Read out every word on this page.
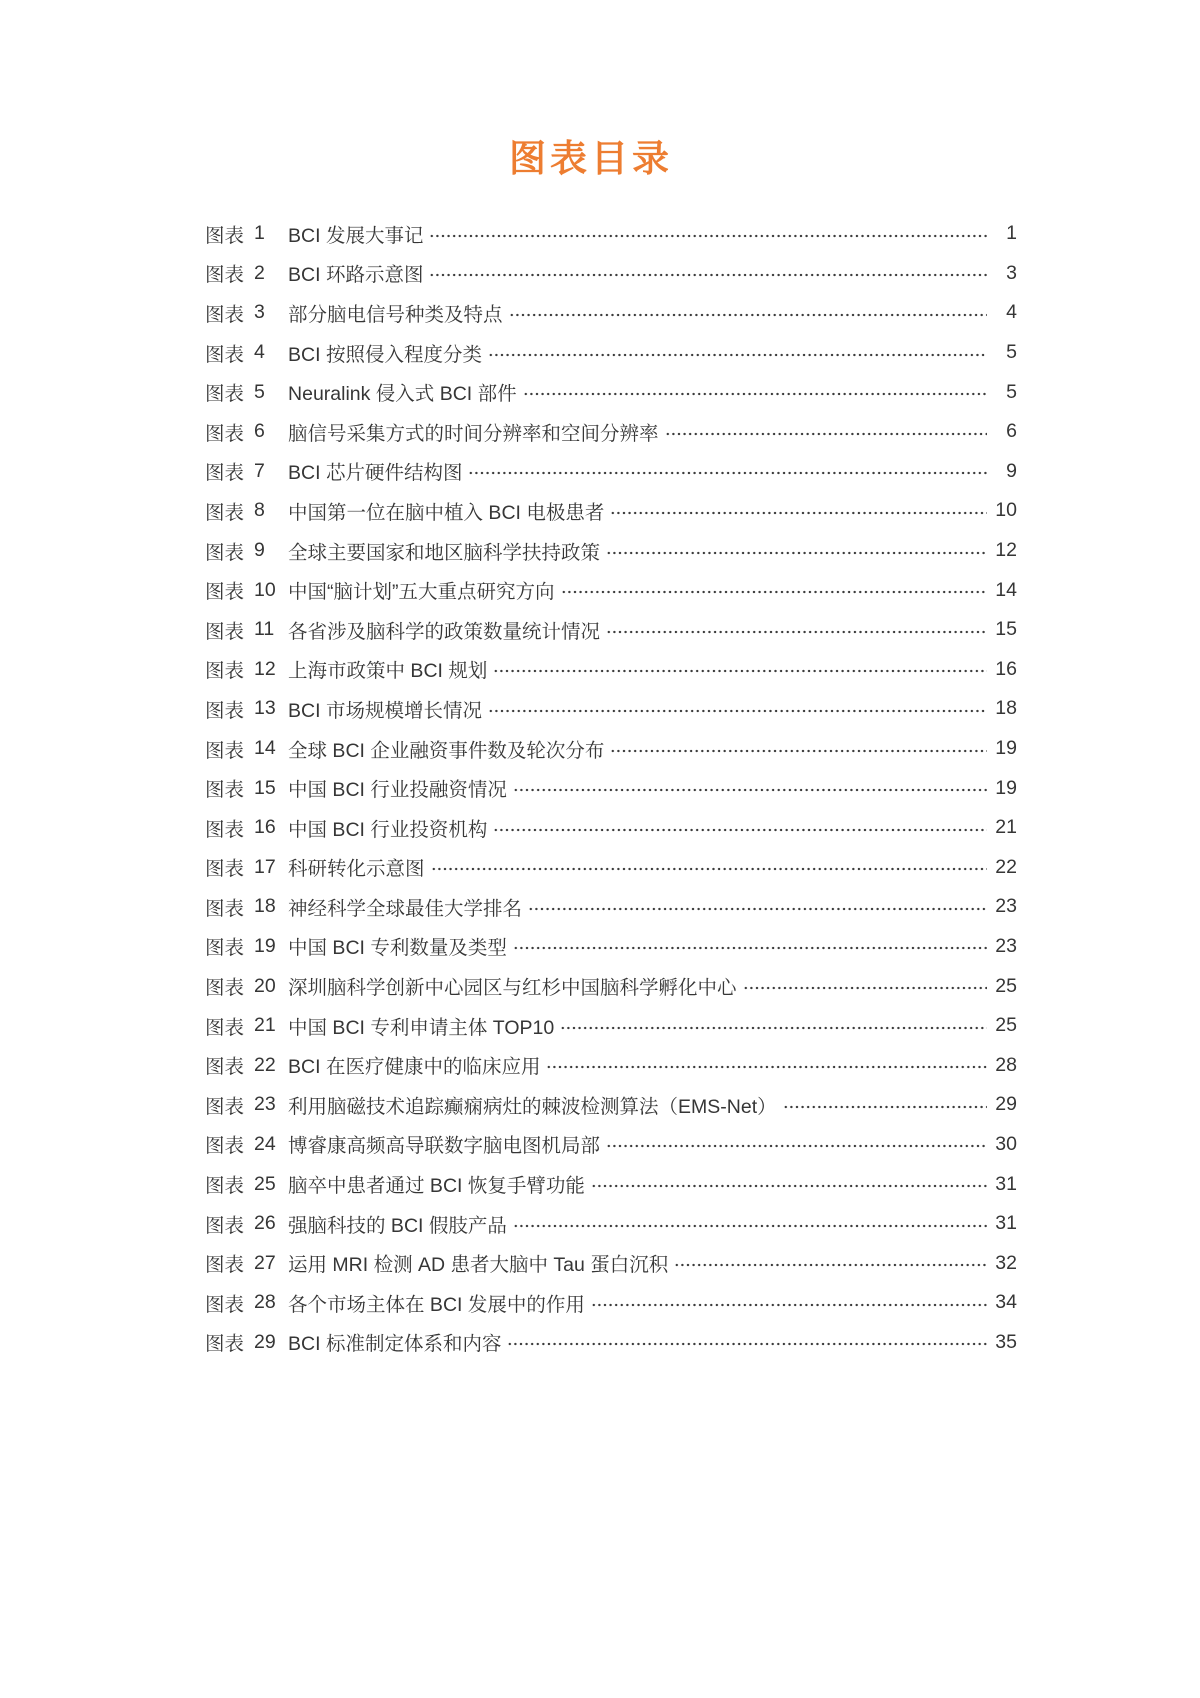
图表目录
图表 1	BCI 发展大事记	1
图表 2	BCI 环路示意图	3
图表 3	部分脑电信号种类及特点	4
图表 4	BCI 按照侵入程度分类	5
图表 5	Neuralink 侵入式 BCI 部件	5
图表 6	脑信号采集方式的时间分辨率和空间分辨率	6
图表 7	BCI 芯片硬件结构图	9
图表 8	中国第一位在脑中植入 BCI 电极患者	10
图表 9	全球主要国家和地区脑科学扶持政策	12
图表 10 中国“脑计划”五大重点研究方向	14
图表 11 各省涉及脑科学的政策数量统计情况	15
图表 12 上海市政策中 BCI 规划	16
图表 13 BCI 市场规模增长情况	18
图表 14 全球 BCI 企业融资事件数及轮次分布	19
图表 15 中国 BCI 行业投融资情况	19
图表 16 中国 BCI 行业投资机构	21
图表 17 科研转化示意图	22
图表 18 神经科学全球最佳大学排名	23
图表 19 中国 BCI 专利数量及类型	23
图表 20 深圳脑科学创新中心园区与红杉中国脑科学孵化中心	25
图表 21 中国 BCI 专利申请主体 TOP10	25
图表 22 BCI 在医疗健康中的临床应用	28
图表 23 利用脑磁技术追踪癫痫病灶的棘波检测算法（EMS-Net）	29
图表 24 博睿康高频高导联数字脑电图机局部	30
图表 25 脑卒中患者通过 BCI 恢复手臂功能	31
图表 26 强脑科技的 BCI 假肢产品	31
图表 27 运用 MRI 检测 AD 患者大脑中 Tau 蛋白沉积	32
图表 28 各个市场主体在 BCI 发展中的作用	34
图表 29 BCI 标准制定体系和内容	35
